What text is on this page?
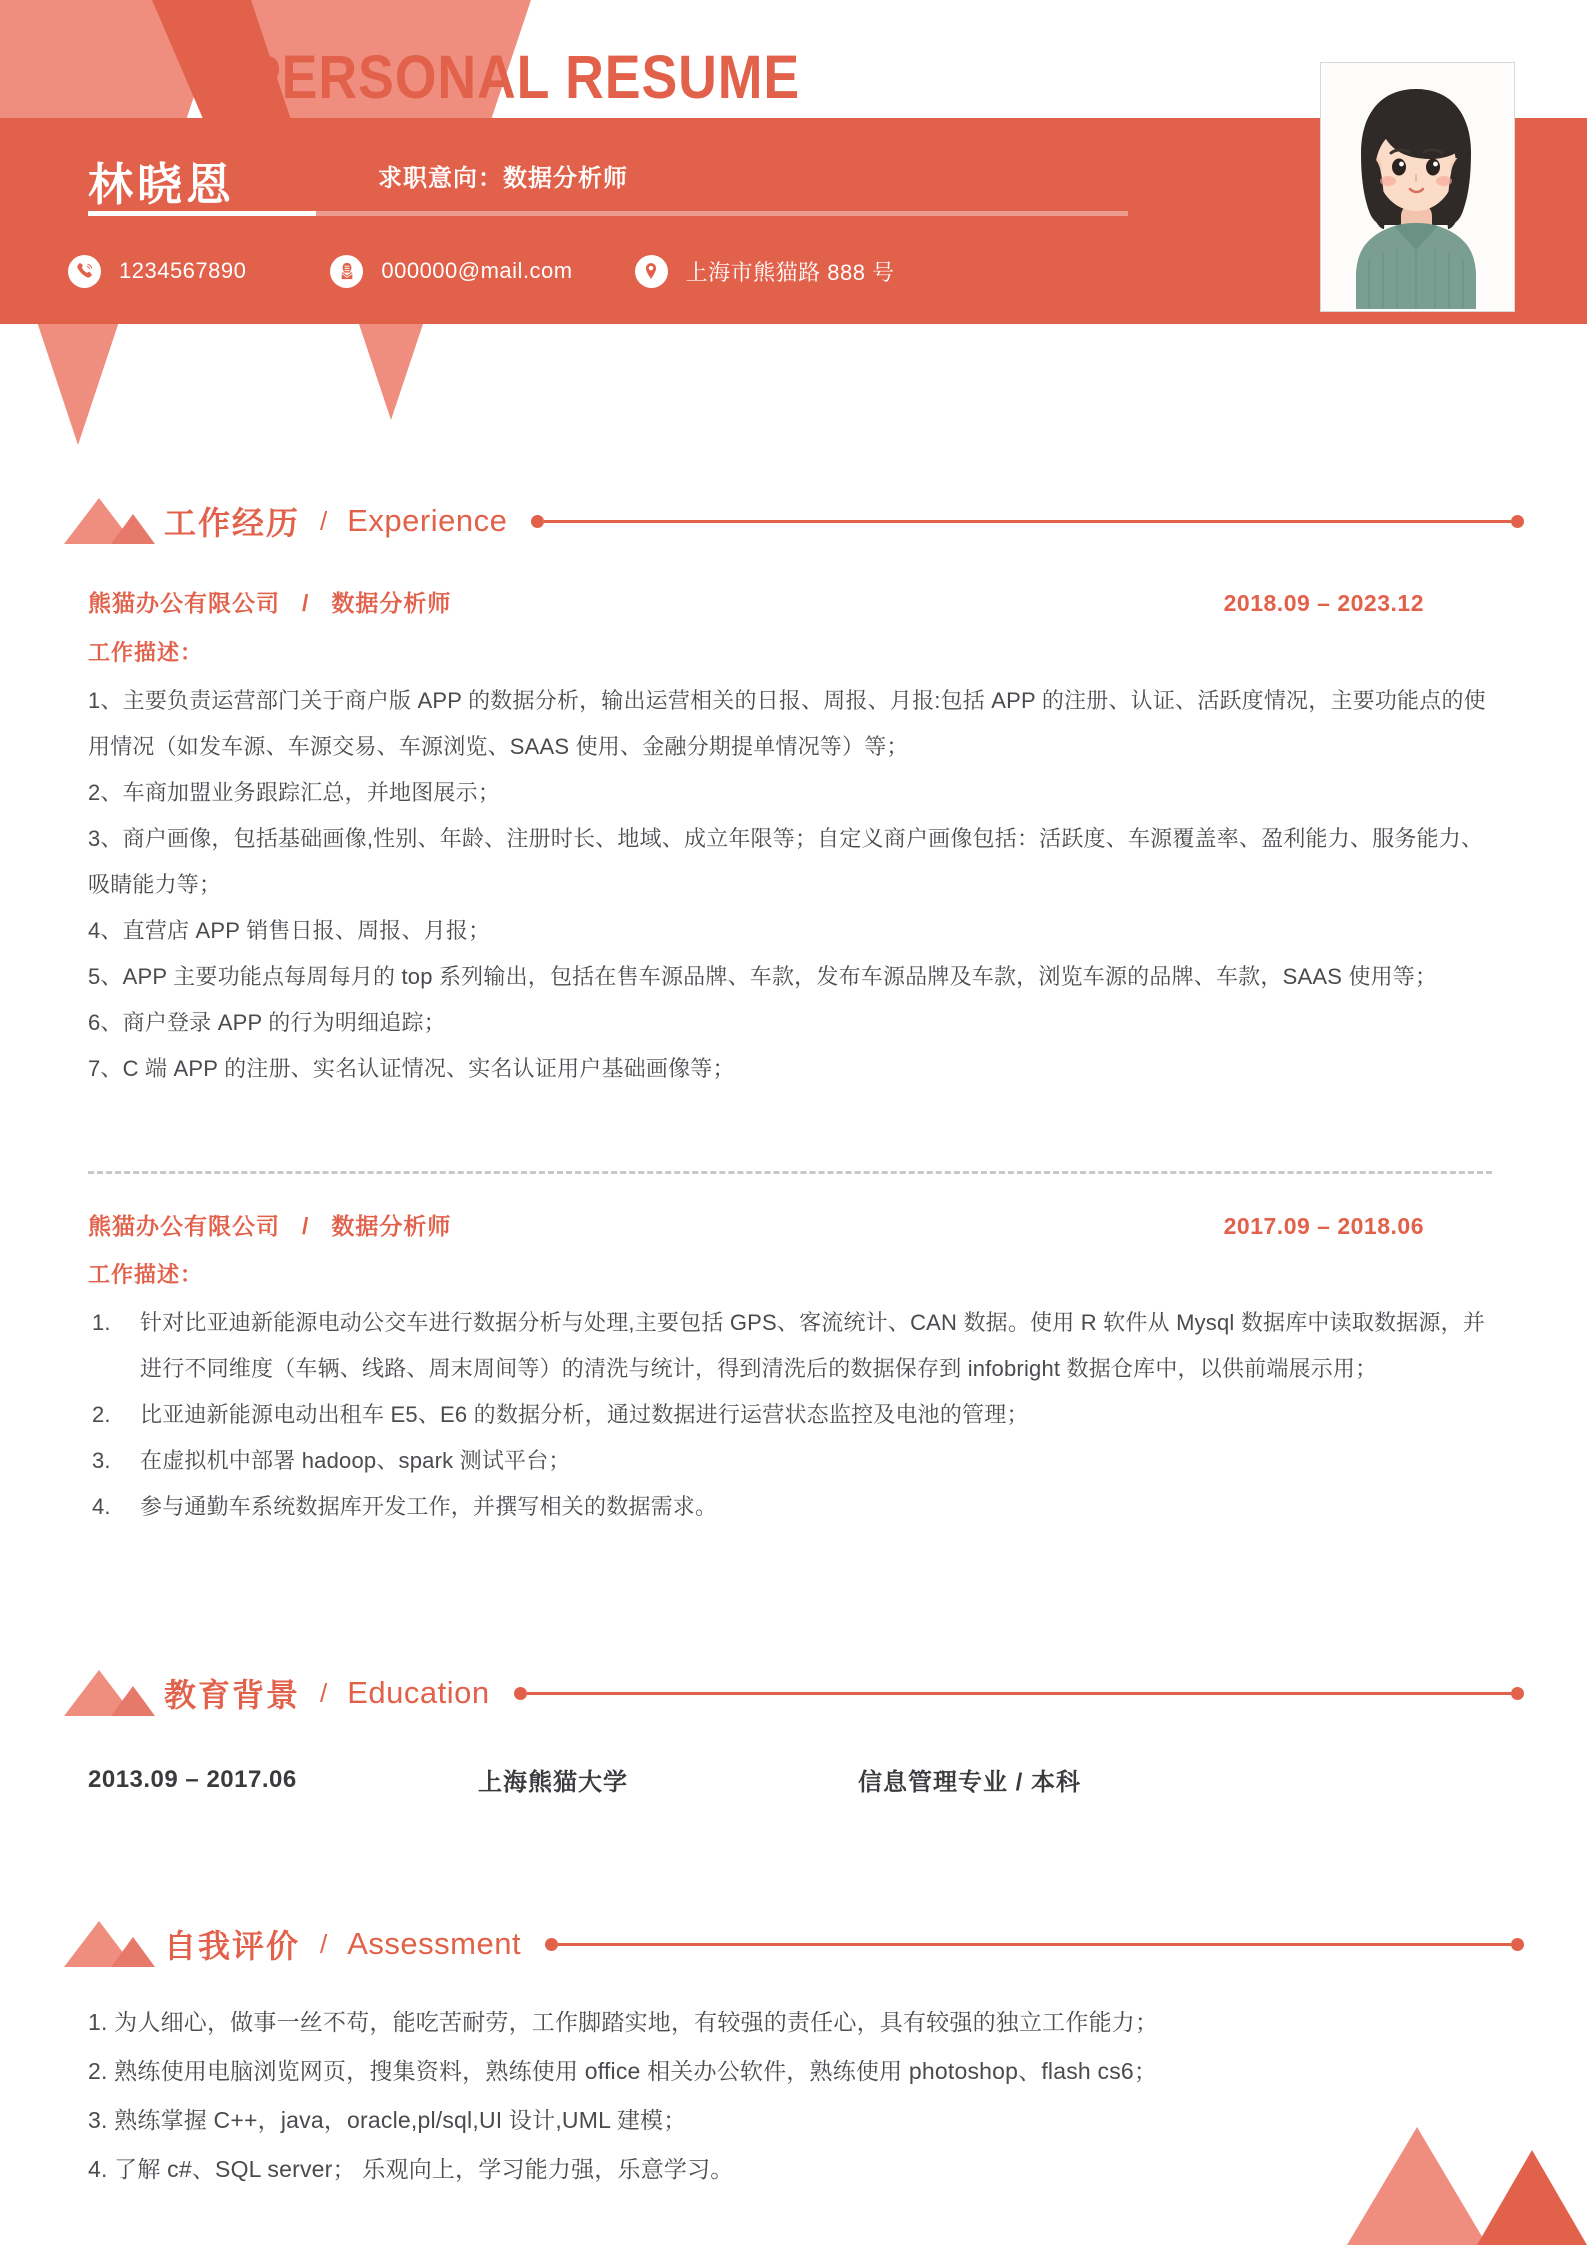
PERSONAL RESUME
林晓恩	求职意向：数据分析师
1234567890	000000@mail.com	上海市熊猫路 888 号
工作经历 / Experience
熊猫办公有限公司 / 数据分析师	2018.09 – 2023.12
工作描述：

1、主要负责运营部门关于商户版 APP 的数据分析，输出运营相关的日报、周报、月报:包括 APP 的注册、认证、活跃度情况，主要功能点的使用情况（如发车源、车源交易、车源浏览、SAAS 使用、金融分期提单情况等）等；

2、车商加盟业务跟踪汇总，并地图展示；

3、商户画像，包括基础画像,性别、年龄、注册时长、地域、成立年限等；自定义商户画像包括：活跃度、车源覆盖率、盈利能力、服务能力、吸睛能力等；

4、直营店 APP 销售日报、周报、月报；

5、APP 主要功能点每周每月的 top 系列输出，包括在售车源品牌、车款，发布车源品牌及车款，浏览车源的品牌、车款，SAAS 使用等；

6、商户登录 APP 的行为明细追踪；

7、C 端 APP 的注册、实名认证情况、实名认证用户基础画像等；

熊猫办公有限公司 / 数据分析师	2017.09 – 2018.06
工作描述：
1.	针对比亚迪新能源电动公交车进行数据分析与处理,主要包括 GPS、客流统计、CAN 数据。使用 R 软件从 Mysql 数据库中读取数据源，并进行不同维度（车辆、线路、周末周间等）的清洗与统计，得到清洗后的数据保存到 infobright 数据仓库中，以供前端展示用；
2.	比亚迪新能源电动出租车 E5、E6 的数据分析，通过数据进行运营状态监控及电池的管理；
3.	在虚拟机中部署 hadoop、spark 测试平台；
4.	参与通勤车系统数据库开发工作，并撰写相关的数据需求。
教育背景 / Education
2013.09 – 2017.06	上海熊猫大学	信息管理专业 / 本科
自我评价 / Assessment

1. 为人细心，做事一丝不苟，能吃苦耐劳，工作脚踏实地，有较强的责任心，具有较强的独立工作能力；

2. 熟练使用电脑浏览网页，搜集资料，熟练使用 office 相关办公软件，熟练使用 photoshop、flash cs6；

3. 熟练掌握 C++，java，oracle,pl/sql,UI 设计,UML 建模；

4. 了解 c#、SQL server； 乐观向上，学习能力强，乐意学习。
